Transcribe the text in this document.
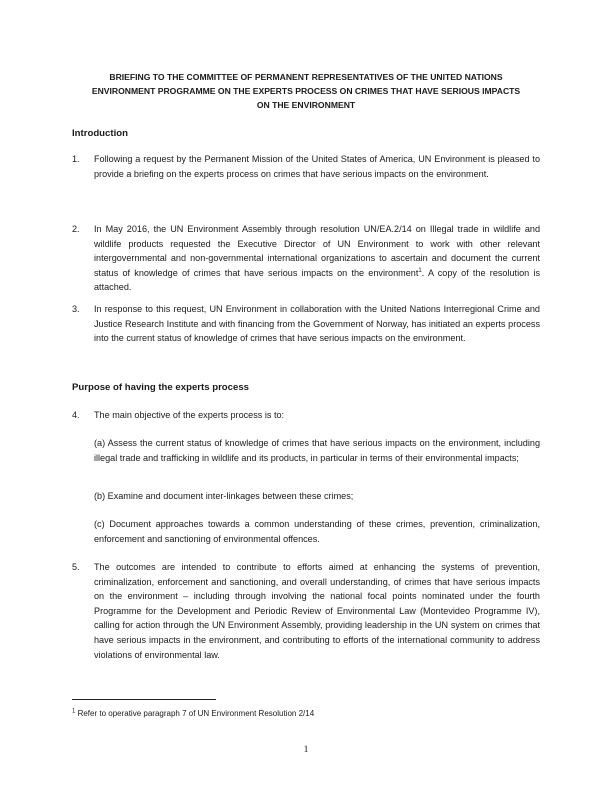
BRIEFING TO THE COMMITTEE OF PERMANENT REPRESENTATIVES OF THE UNITED NATIONS
ENVIRONMENT PROGRAMME ON THE EXPERTS PROCESS ON CRIMES THAT HAVE SERIOUS IMPACTS
ON THE ENVIRONMENT
Introduction
1.	Following a request by the Permanent Mission of the United States of America, UN Environment is pleased to provide a briefing on the experts process on crimes that have serious impacts on the environment.
2.	In May 2016, the UN Environment Assembly through resolution UN/EA.2/14 on Illegal trade in wildlife and wildlife products requested the Executive Director of UN Environment to work with other relevant intergovernmental and non-governmental international organizations to ascertain and document the current status of knowledge of crimes that have serious impacts on the environment$^1$. A copy of the resolution is attached.
3.	In response to this request, UN Environment in collaboration with the United Nations Interregional Crime and Justice Research Institute and with financing from the Government of Norway, has initiated an experts process into the current status of knowledge of crimes that have serious impacts on the environment.
Purpose of having the experts process
4.	The main objective of the experts process is to:
(a) Assess the current status of knowledge of crimes that have serious impacts on the environment, including illegal trade and trafficking in wildlife and its products, in particular in terms of their environmental impacts;
(b) Examine and document inter-linkages between these crimes;
(c) Document approaches towards a common understanding of these crimes, prevention, criminalization, enforcement and sanctioning of environmental offences.
5.	The outcomes are intended to contribute to efforts aimed at enhancing the systems of prevention, criminalization, enforcement and sanctioning, and overall understanding, of crimes that have serious impacts on the environment – including through involving the national focal points nominated under the fourth Programme for the Development and Periodic Review of Environmental Law (Montevideo Programme IV), calling for action through the UN Environment Assembly, providing leadership in the UN system on crimes that have serious impacts in the environment, and contributing to efforts of the international community to address violations of environmental law.
$^1$ Refer to operative paragraph 7 of UN Environment Resolution 2/14
1
